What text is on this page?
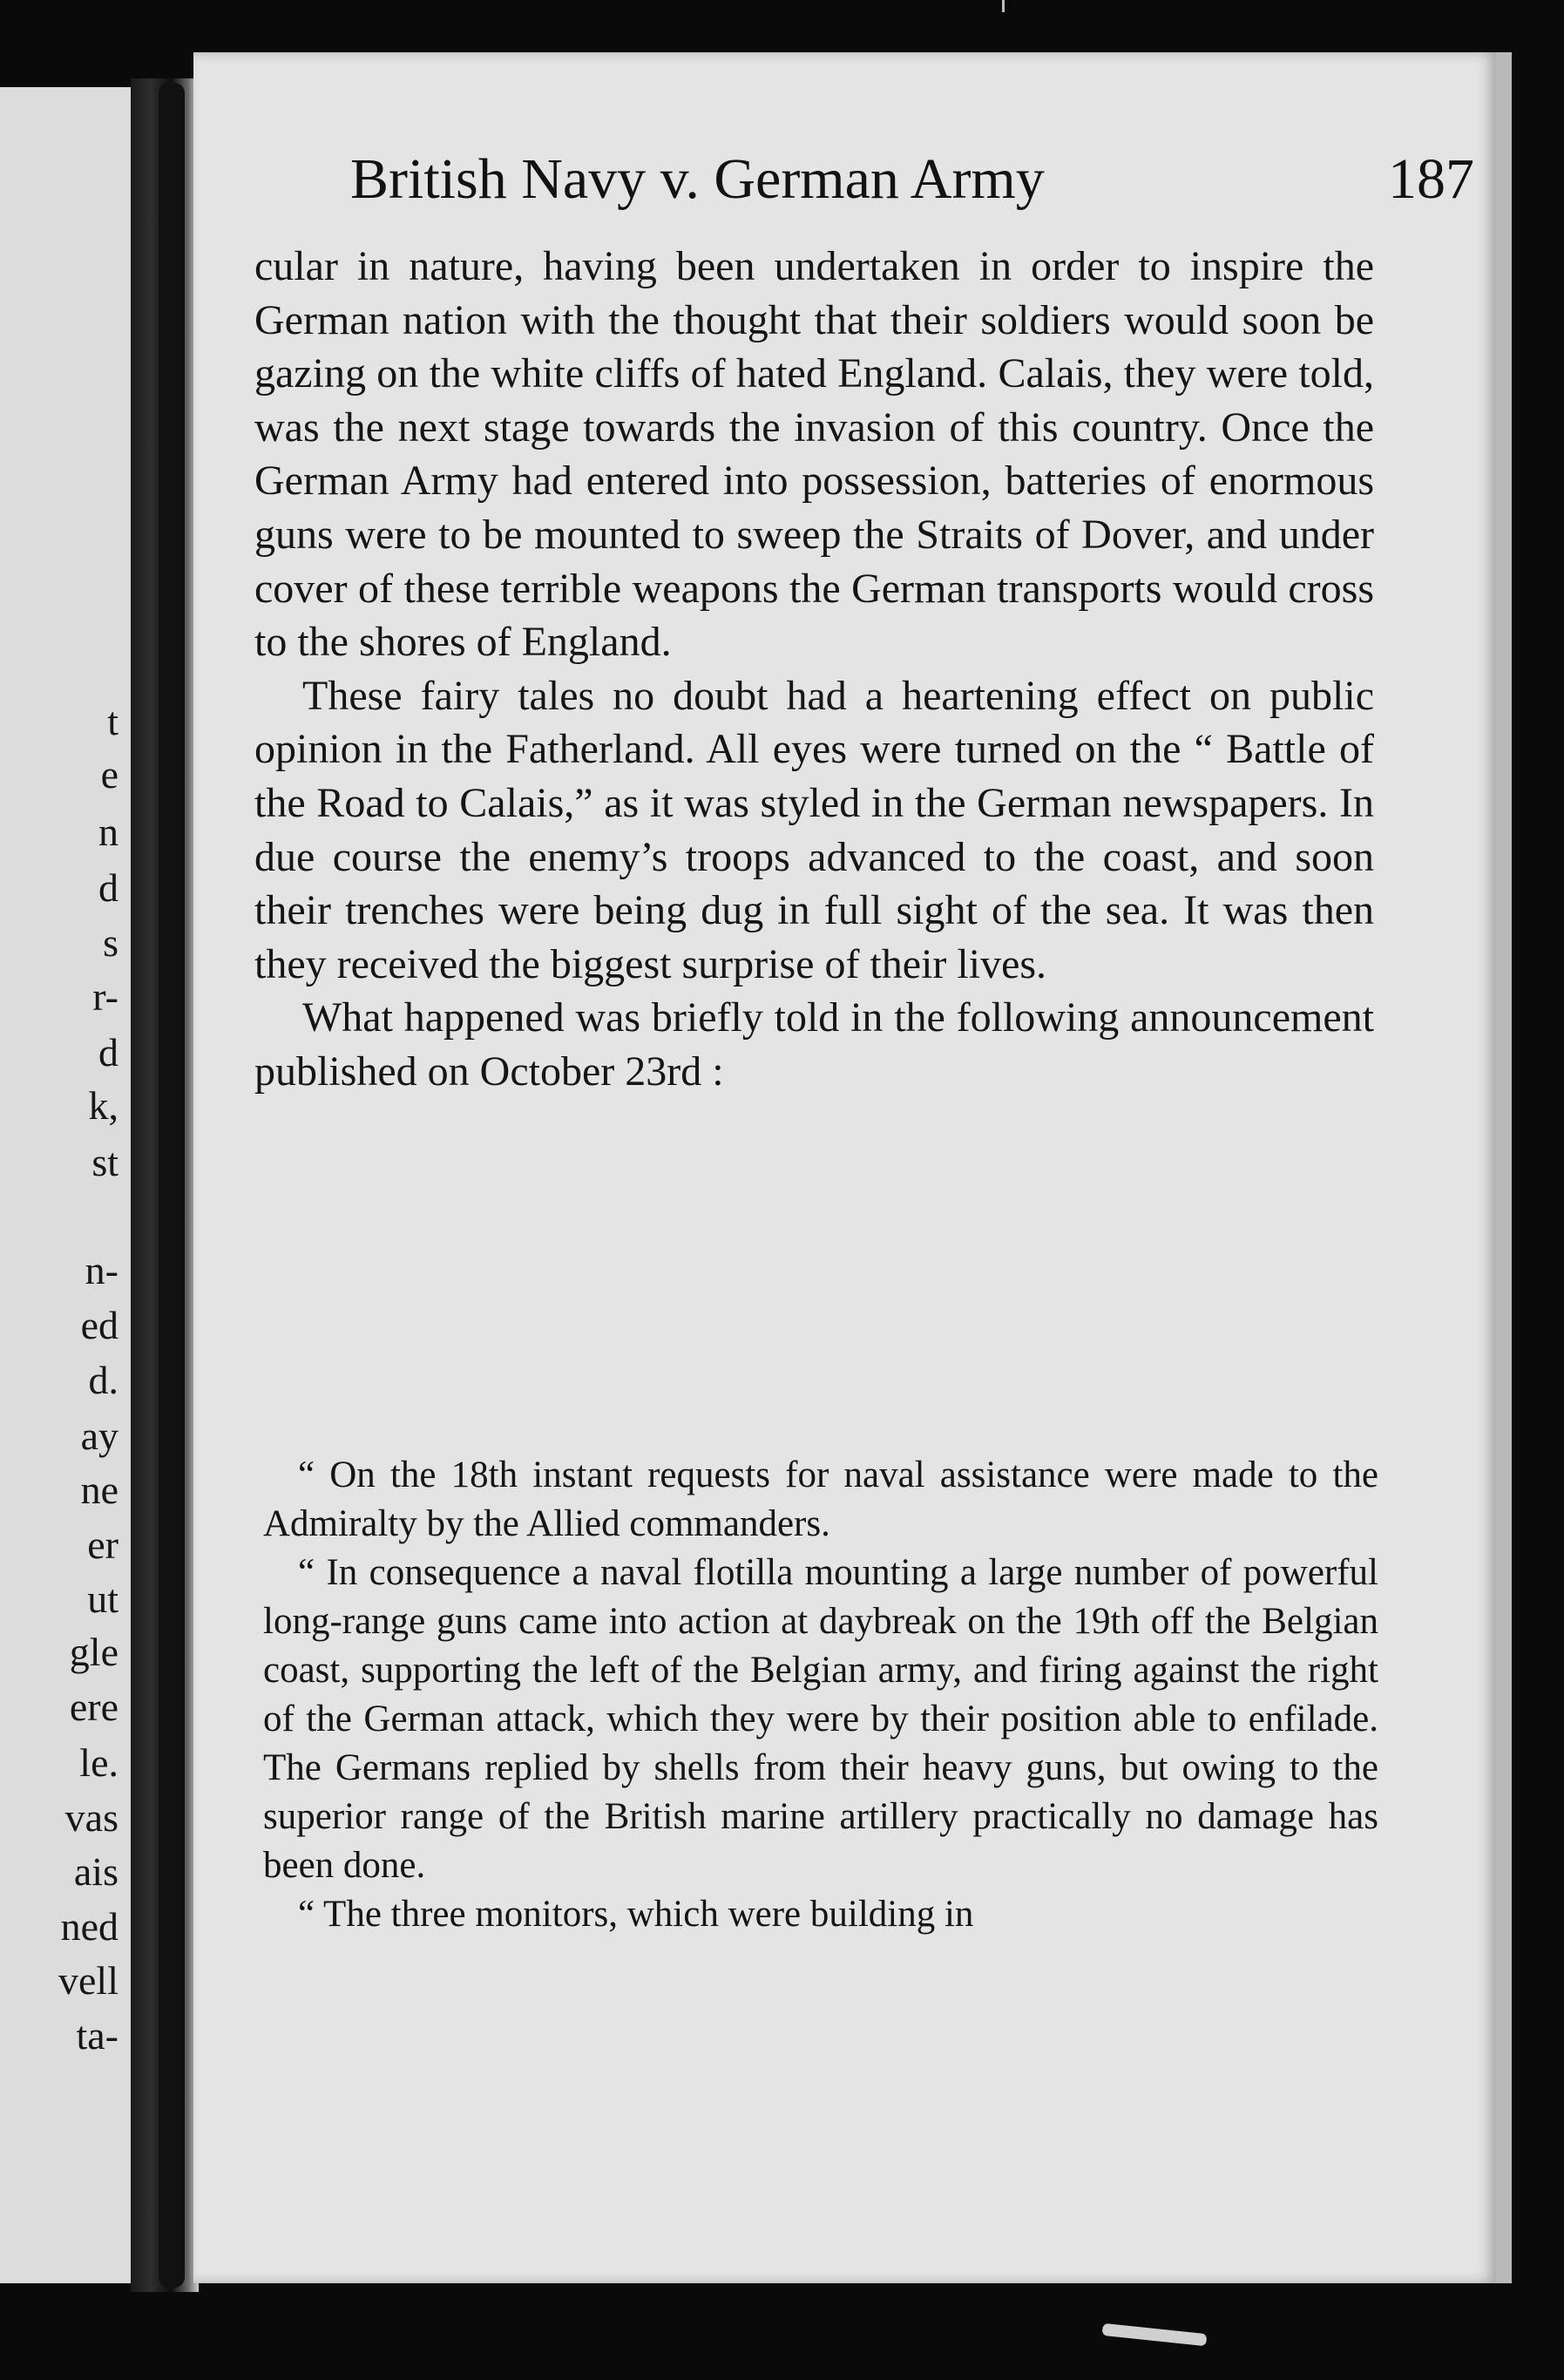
t
e
n
d
s
r-
d
k,
st
n-
ed
d.
ay
ne
er
ut
gle
ere
le.
vas
ais
ned
vell
ta-
British Navy v. German Army	187

cular in nature, having been undertaken in order to inspire the German nation with the thought that their soldiers would soon be gazing on the white cliffs of hated England. Calais, they were told, was the next stage towards the invasion of this country. Once the German Army had entered into possession, batteries of enormous guns were to be mounted to sweep the Straits of Dover, and under cover of these terrible weapons the German transports would cross to the shores of England.

These fairy tales no doubt had a heartening effect on public opinion in the Fatherland. All eyes were turned on the “ Battle of the Road to Calais,” as it was styled in the German newspapers. In due course the enemy’s troops advanced to the coast, and soon their trenches were being dug in full sight of the sea. It was then they received the biggest surprise of their lives.

What happened was briefly told in the following announcement published on October 23rd :

“ On the 18th instant requests for naval assistance were made to the Admiralty by the Allied commanders.

“ In consequence a naval flotilla mounting a large number of powerful long-range guns came into action at daybreak on the 19th off the Belgian coast, supporting the left of the Belgian army, and firing against the right of the German attack, which they were by their position able to enfilade. The Germans replied by shells from their heavy guns, but owing to the superior range of the British marine artillery practically no damage has been done.

“ The three monitors, which were building in
